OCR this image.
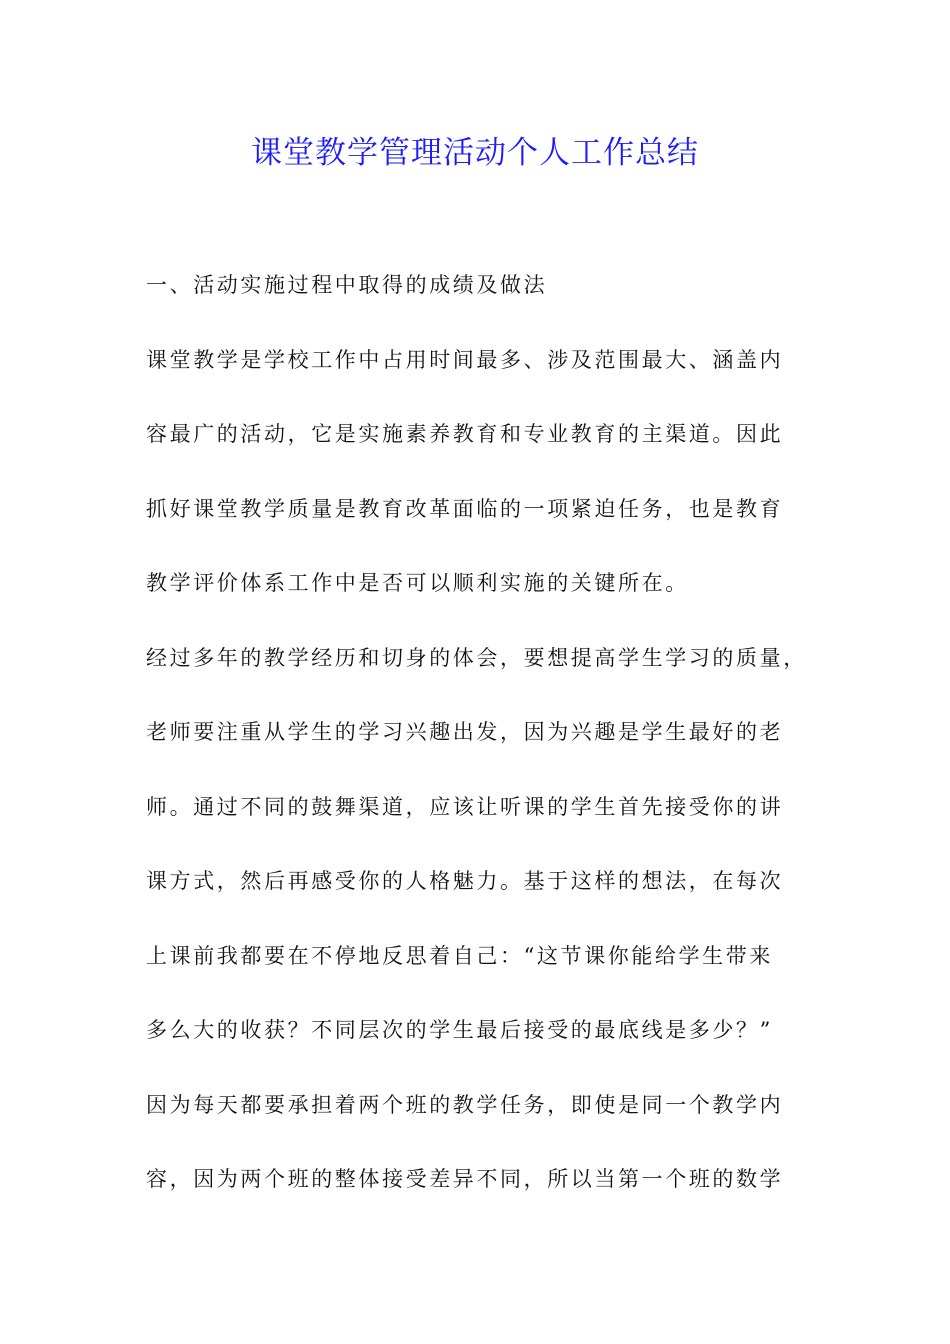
课堂教学管理活动个人工作总结
一、活动实施过程中取得的成绩及做法
课堂教学是学校工作中占用时间最多、涉及范围最大、涵盖内
容最广的活动，它是实施素养教育和专业教育的主渠道。因此
抓好课堂教学质量是教育改革面临的一项紧迫任务，也是教育
教学评价体系工作中是否可以顺利实施的关键所在。
经过多年的教学经历和切身的体会，要想提高学生学习的质量，
老师要注重从学生的学习兴趣出发，因为兴趣是学生最好的老
师。通过不同的鼓舞渠道，应该让听课的学生首先接受你的讲
课方式，然后再感受你的人格魅力。基于这样的想法，在每次
上课前我都要在不停地反思着自己：“这节课你能给学生带来
多么大的收获？不同层次的学生最后接受的最底线是多少？”
因为每天都要承担着两个班的教学任务，即使是同一个教学内
容，因为两个班的整体接受差异不同，所以当第一个班的数学
